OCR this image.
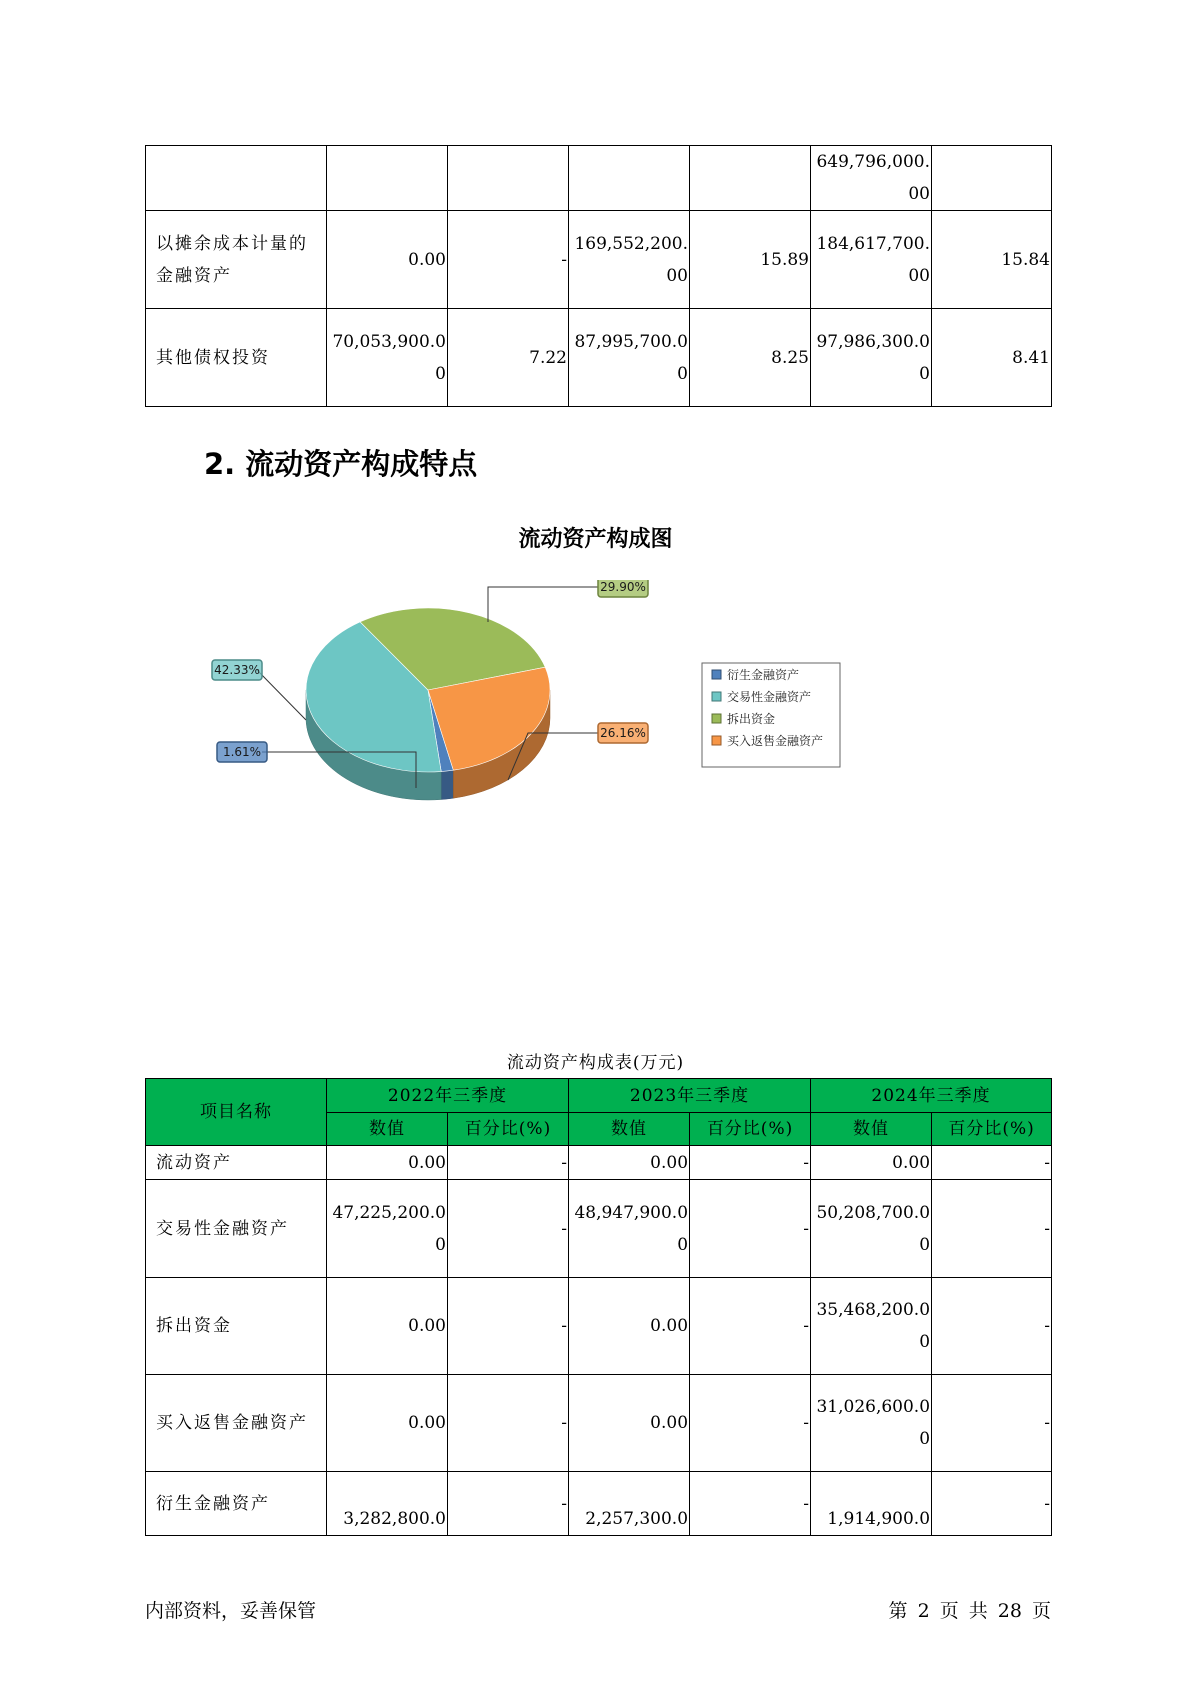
					649,796,000.00	
以摊余成本计量的金融资产	0.00	-	169,552,200.00	15.89	184,617,700.00	15.84
其他债权投资	70,053,900.00	7.22	87,995,700.00	8.25	97,986,300.00	8.41
2. 流动资产构成特点
流动资产构成图
1.61%
42.33%
29.90%
26.16%
衍生金融资产
交易性金融资产
拆出资金
买入返售金融资产
流动资产构成表(万元)
项目名称	2022年三季度		2023年三季度		2024年三季度	
	数值	百分比(%)	数值	百分比(%)	数值	百分比(%)
流动资产	0.00	-	0.00	-	0.00	-
交易性金融资产	47,225,200.00	-	48,947,900.00	-	50,208,700.00	-
拆出资金	0.00	-	0.00	-	35,468,200.00	-
买入返售金融资产	0.00	-	0.00	-	31,026,600.00	-
衍生金融资产	3,282,800.0	-	2,257,300.0	-	1,914,900.0	-
内部资料，妥善保管	第 2 页 共 28 页
